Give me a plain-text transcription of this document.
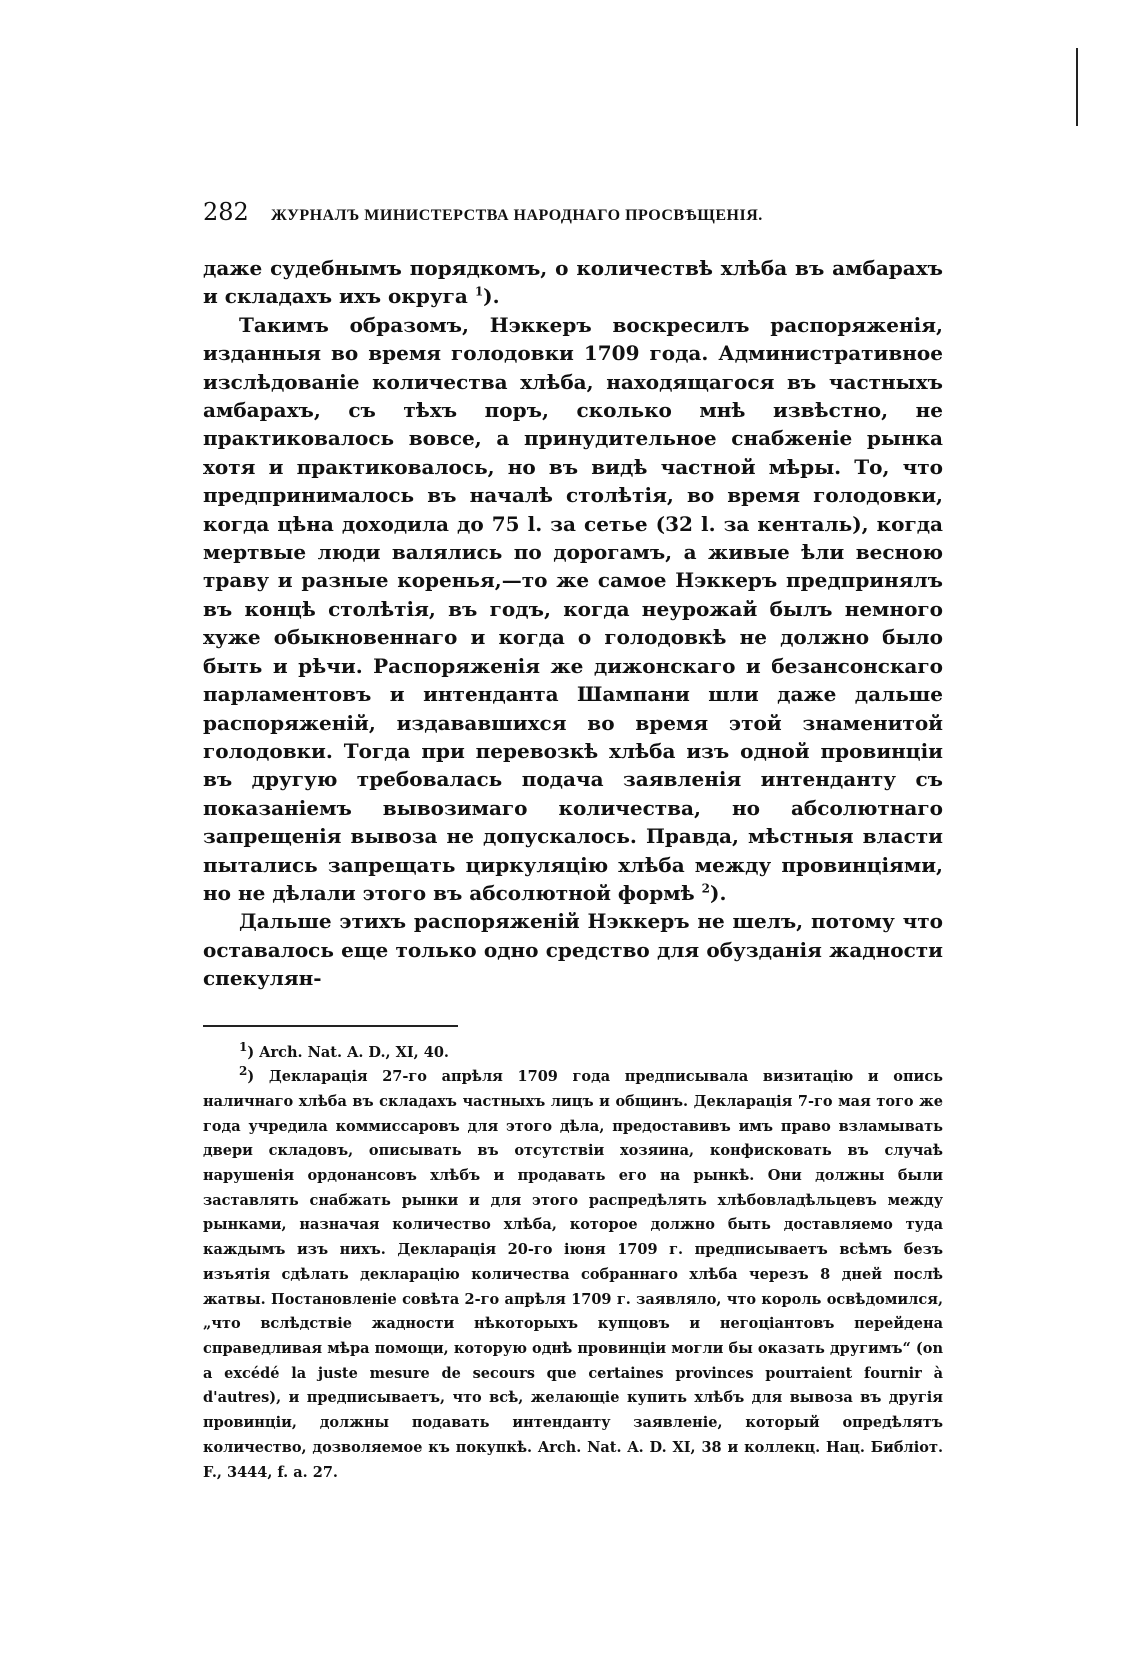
282	ЖУРНАЛЪ МИНИСТЕРСТВА НАРОДНАГО ПРОСВѢЩЕНІЯ.

даже судебнымъ порядкомъ, о количествѣ хлѣба въ амбарахъ и складахъ ихъ округа $^1$).

Такимъ образомъ, Нэккеръ воскресилъ распоряженія, изданныя во время голодовки 1709 года. Административное изслѣдованіе количества хлѣба, находящагося въ частныхъ амбарахъ, съ тѣхъ поръ, сколько мнѣ извѣстно, не практиковалось вовсе, а принудительное снабженіе рынка хотя и практиковалось, но въ видѣ частной мѣры. То, что предпринималось въ началѣ столѣтія, во время голодовки, когда цѣна доходила до 75 l. за сетье (32 l. за кенталь), когда мертвые люди валялись по дорогамъ, а живые ѣли весною траву и разные коренья,—то же самое Нэккеръ предпринялъ въ концѣ столѣтія, въ годъ, когда неурожай былъ немного хуже обыкновеннаго и когда о голодовкѣ не должно было быть и рѣчи. Распоряженія же дижонскаго и безансонскаго парламентовъ и интенданта Шампани шли даже дальше распоряженій, издававшихся во время этой знаменитой голодовки. Тогда при перевозкѣ хлѣба изъ одной провинціи въ другую требовалась подача заявленія интенданту съ показаніемъ вывозимаго количества, но абсолютнаго запрещенія вывоза не допускалось. Правда, мѣстныя власти пытались запрещать циркуляцію хлѣба между провинціями, но не дѣлали этого въ абсолютной формѣ $^2$).

Дальше этихъ распоряженій Нэккеръ не шелъ, потому что оставалось еще только одно средство для обузданія жадности спекулян-

$^1$) Arch. Nat. A. D., XI, 40.

$^2$) Декларація 27-го апрѣля 1709 года предписывала визитацію и опись наличнаго хлѣба въ складахъ частныхъ лицъ и общинъ. Декларація 7-го мая того же года учредила коммиссаровъ для этого дѣла, предоставивъ имъ право взламывать двери складовъ, описывать въ отсутствіи хозяина, конфисковать въ случаѣ нарушенія ордонансовъ хлѣбъ и продавать его на рынкѣ. Они должны были заставлять снабжать рынки и для этого распредѣлять хлѣбовладѣльцевъ между рынками, назначая количество хлѣба, которое должно быть доставляемо туда каждымъ изъ нихъ. Декларація 20-го іюня 1709 г. предписываетъ всѣмъ безъ изъятія сдѣлать декларацію количества собраннаго хлѣба черезъ 8 дней послѣ жатвы. Постановленіе совѣта 2-го апрѣля 1709 г. заявляло, что король освѣдомился, „что вслѣдствіе жадности нѣкоторыхъ купцовъ и негоціантовъ перейдена справедливая мѣра помощи, которую однѣ провинціи могли бы оказать другимъ“ (on a excédé la juste mesure de secours que certaines provinces pourraient fournir à d'autres), и предписываетъ, что всѣ, желающіе купить хлѣбъ для вывоза въ другія провинціи, должны подавать интенданту заявленіе, который опредѣлятъ количество, дозволяемое къ покупкѣ. Arch. Nat. A. D. XI, 38 и коллекц. Нац. Библіот. F., 3444, f. a. 27.
